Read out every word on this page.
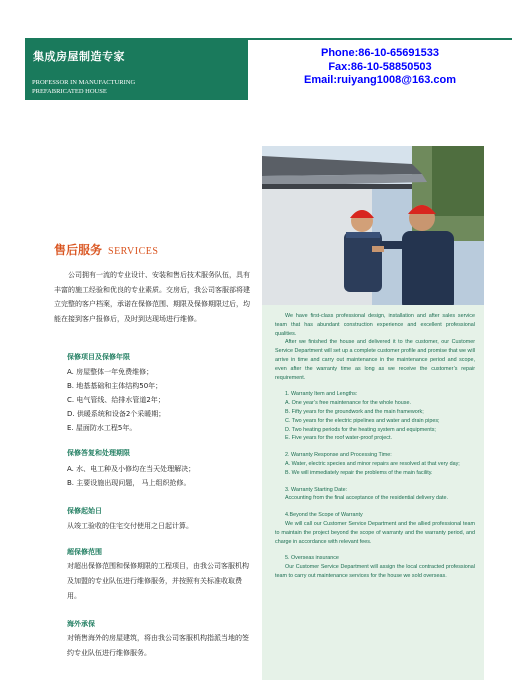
集成房屋制造专家
PROFESSOR IN MANUFACTURING
PREFABRICATED HOUSE
Phone:86-10-65691533
Fax:86-10-58850503
Email:ruiyang1008@163.com
售后服务 SERVICES

公司拥有一流的专业设计、安装和售后技术服务队伍，具有丰富的施工经验和优良的专业素质。交房后，我公司客服部将建立完整的客户档案，承诺在保修范围、期限及保修期限过后，均能在接到客户报修后，及时到达现场进行维修。

保修项目及保修年限
A. 房屋整体一年免费维修；
B. 地基基础和主体结构50年；
C. 电气管线、给排水管道2年；
D. 供暖系统和设备2个采暖期；
E. 屋面防水工程5年。
保修答复和处理期限
A. 水、电工种及小修均在当天处理解决；
B. 主要设施出现问题， 马上组织抢修。
保修起始日
从竣工验收的住宅交付使用之日起计算。
超保修范围

对超出保修范围和保修期限的工程项目，由我公司客服机构及加盟的专业队伍进行维修服务，并按照有关标准收取费用。

海外承保

对销售海外的房屋建筑，将由我公司客服机构指派当地的签约专业队伍进行维修服务。

We have first-class professional design, installation and after sales service team that has abundant construction experience and excellent professional qualities.

After we finished the house and delivered it to the customer, our Customer Service Department will set up a complete customer profile and promise that we will arrive in time and carry out maintenance in the maintenance period and scope, even after the warranty time as long as we receive the customer’s repair requirement.

1. Warranty Item and Lengths:

A. One year’s free maintenance for the whole house.

B. Fifty years for the groundwork and the main framework;

C. Two years for the electric pipelines and water and drain pipes;

D. Two heating periods for the heating system and equipments;

E. Five years for the roof water-proof project.

2. Warranty Response and Processing Time:

A. Water, electric species and minor repairs are resolved at that very day;

B. We will immediately repair the problems of the main facility.

3. Warranty Starting Date:

Accounting from the final acceptance of the residential delivery date.

4.Beyond the Scope of Warranty

We will call our Customer Service Department and the allied professional team to maintain the project beyond the scope of warranty and the warranty period, and charge in accordance with relevant fees.

5. Overseas insurance

Our Customer Service Department will assign the local contracted professional team to carry out maintenance services for the house we sold overseas.
